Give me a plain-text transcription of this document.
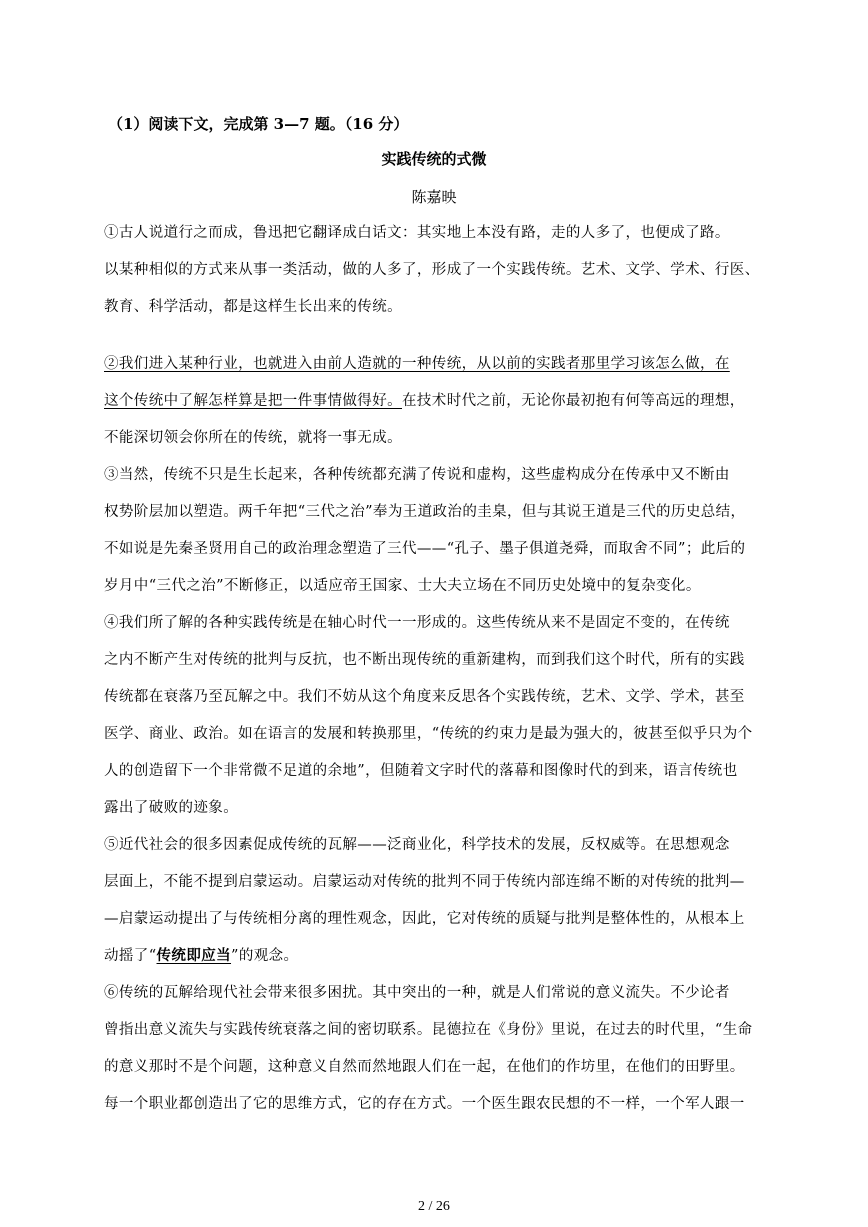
（1）阅读下文，完成第 3—7 题。（16 分）
实践传统的式微
陈嘉映
①古人说道行之而成，鲁迅把它翻译成白话文：其实地上本没有路，走的人多了，也便成了路。
以某种相似的方式来从事一类活动，做的人多了，形成了一个实践传统。艺术、文学、学术、行医、
教育、科学活动，都是这样生长出来的传统。
②我们进入某种行业，也就进入由前人造就的一种传统，从以前的实践者那里学习该怎么做，在
这个传统中了解怎样算是把一件事情做得好。在技术时代之前，无论你最初抱有何等高远的理想，
不能深切领会你所在的传统，就将一事无成。
③当然，传统不只是生长起来，各种传统都充满了传说和虚构，这些虚构成分在传承中又不断由
权势阶层加以塑造。两千年把“三代之治”奉为王道政治的圭臬，但与其说王道是三代的历史总结，
不如说是先秦圣贤用自己的政治理念塑造了三代——“孔子、墨子俱道尧舜，而取舍不同”；此后的
岁月中“三代之治”不断修正，以适应帝王国家、士大夫立场在不同历史处境中的复杂变化。
④我们所了解的各种实践传统是在轴心时代一一形成的。这些传统从来不是固定不变的，在传统
之内不断产生对传统的批判与反抗，也不断出现传统的重新建构，而到我们这个时代，所有的实践
传统都在衰落乃至瓦解之中。我们不妨从这个角度来反思各个实践传统，艺术、文学、学术，甚至
医学、商业、政治。如在语言的发展和转换那里，“传统的约束力是最为强大的，彼甚至似乎只为个
人的创造留下一个非常微不足道的余地”，但随着文字时代的落幕和图像时代的到来，语言传统也
露出了破败的迹象。
⑤近代社会的很多因素促成传统的瓦解——泛商业化，科学技术的发展，反权威等。在思想观念
层面上，不能不提到启蒙运动。启蒙运动对传统的批判不同于传统内部连绵不断的对传统的批判—
—启蒙运动提出了与传统相分离的理性观念，因此，它对传统的质疑与批判是整体性的，从根本上
动摇了“传统即应当”的观念。
⑥传统的瓦解给现代社会带来很多困扰。其中突出的一种，就是人们常说的意义流失。不少论者
曾指出意义流失与实践传统衰落之间的密切联系。昆德拉在《身份》里说，在过去的时代里，“生命
的意义那时不是个问题，这种意义自然而然地跟人们在一起，在他们的作坊里，在他们的田野里。
每一个职业都创造出了它的思维方式，它的存在方式。一个医生跟农民想的不一样，一个军人跟一
2 / 26
